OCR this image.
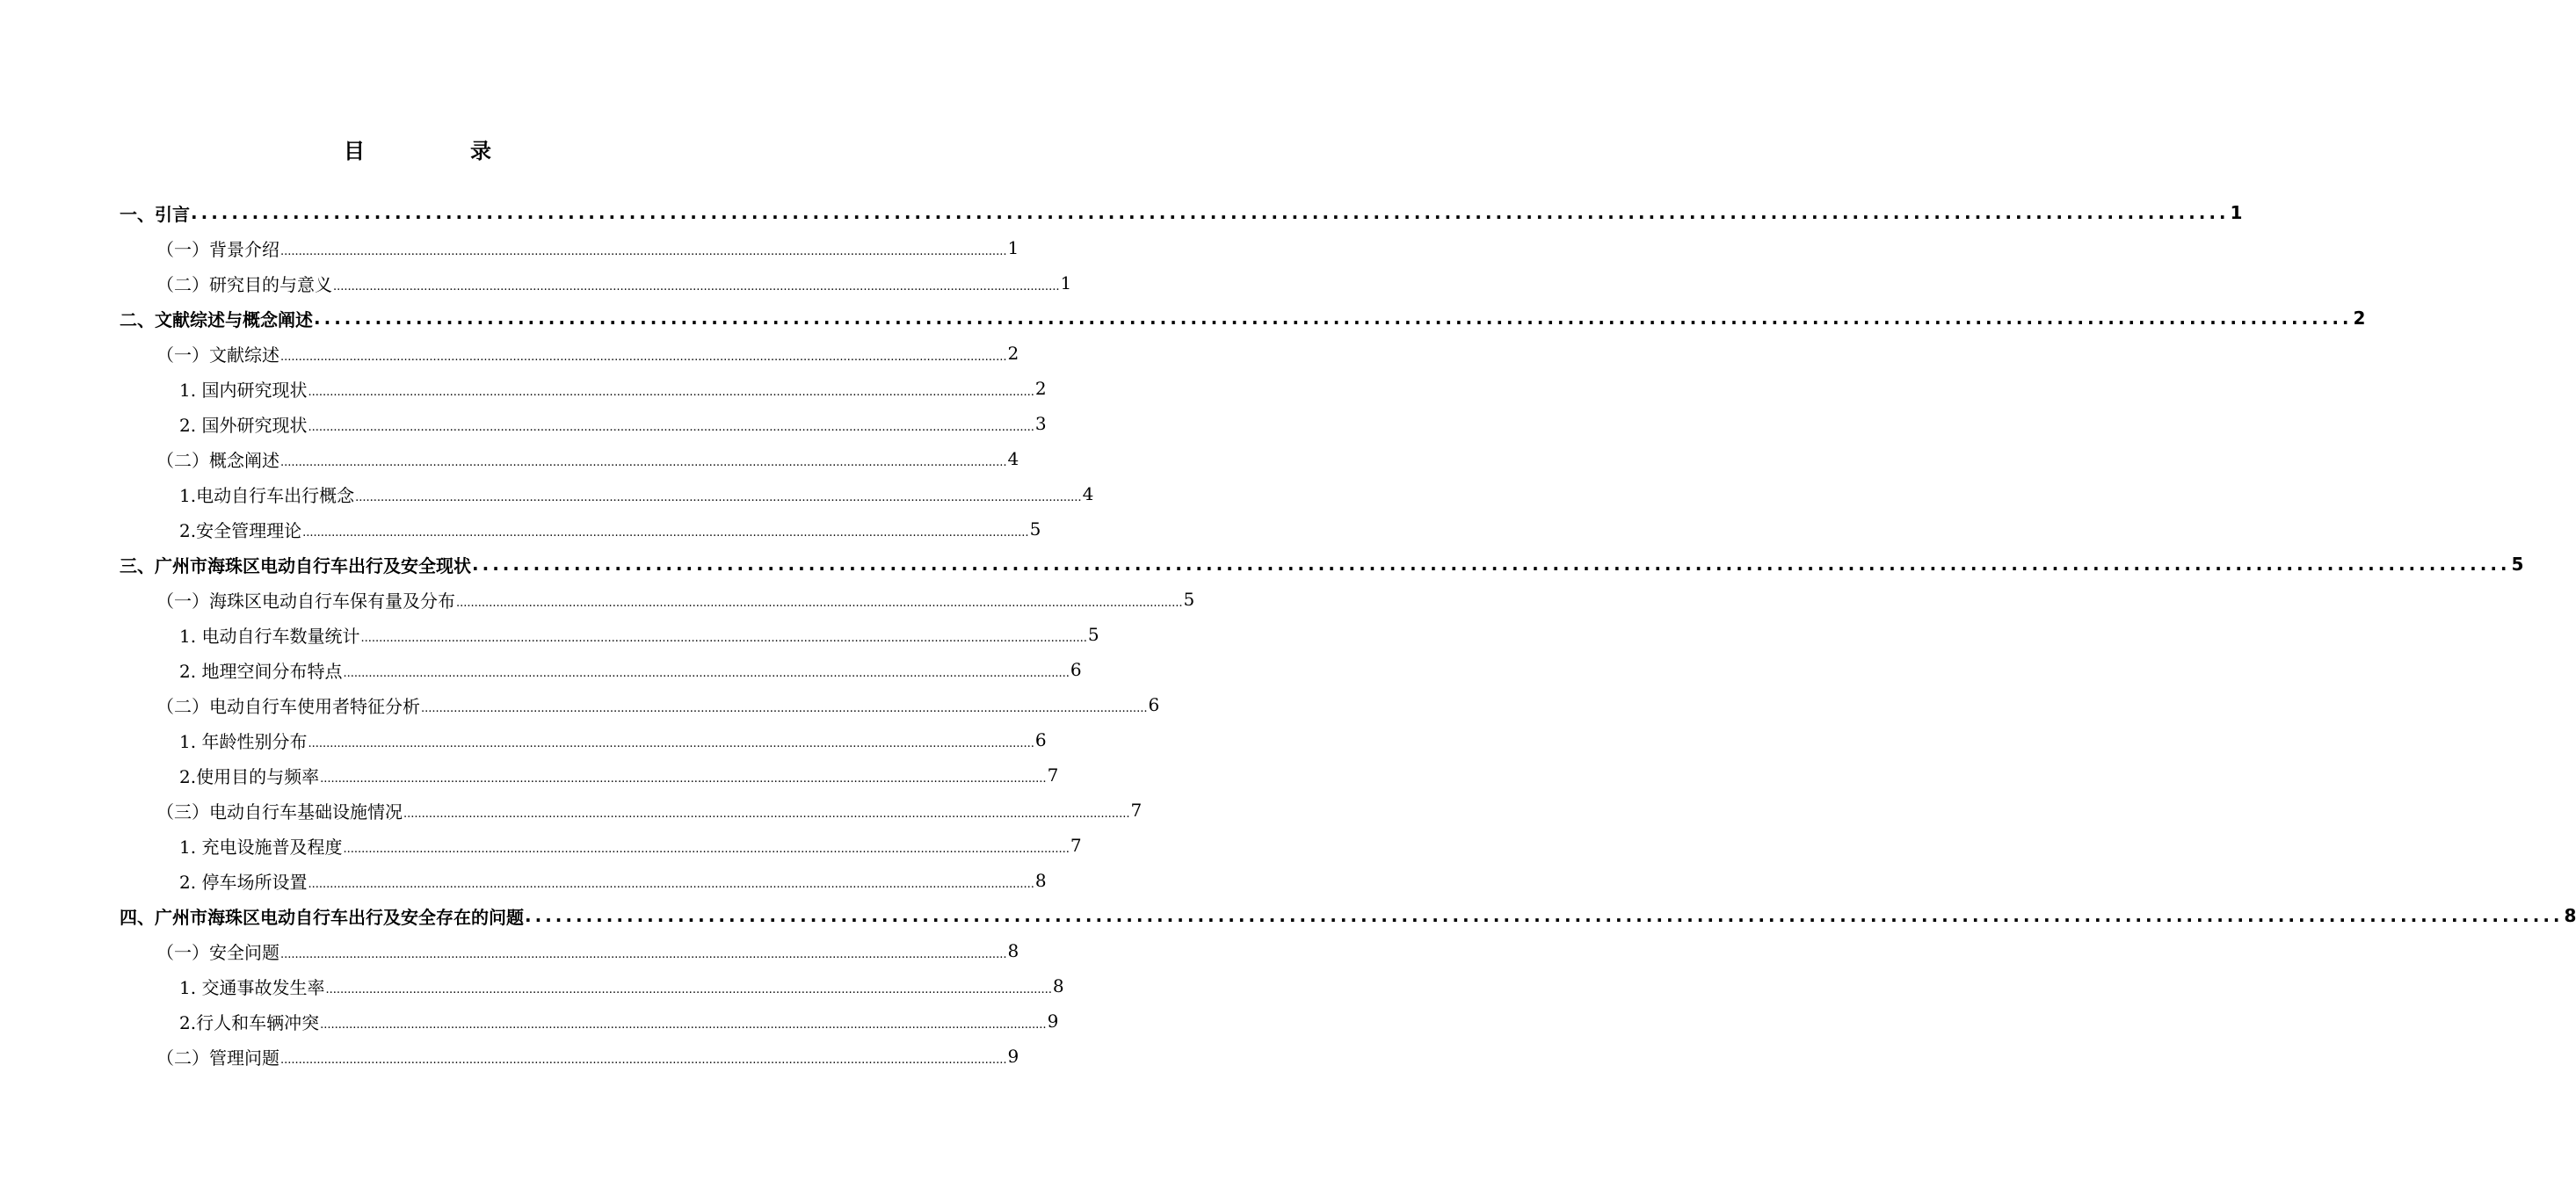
目　录
一、引言 ........................................................................................................................................................................................................ 1
（一）背景介绍 ........................................................................................................................................................................................................ 1
（二）研究目的与意义 ........................................................................................................................................................................................................ 1
二、文献综述与概念阐述 ........................................................................................................................................................................................................ 2
（一）文献综述 ........................................................................................................................................................................................................ 2
1. 国内研究现状 ........................................................................................................................................................................................................ 2
2. 国外研究现状 ........................................................................................................................................................................................................ 3
（二）概念阐述 ........................................................................................................................................................................................................ 4
1.电动自行车出行概念 ........................................................................................................................................................................................................ 4
2.安全管理理论 ........................................................................................................................................................................................................ 5
三、广州市海珠区电动自行车出行及安全现状 ........................................................................................................................................................................................................ 5
（一）海珠区电动自行车保有量及分布 ........................................................................................................................................................................................................ 5
1. 电动自行车数量统计 ........................................................................................................................................................................................................ 5
2. 地理空间分布特点 ........................................................................................................................................................................................................ 6
（二）电动自行车使用者特征分析 ........................................................................................................................................................................................................ 6
1. 年龄性别分布 ........................................................................................................................................................................................................ 6
2.使用目的与频率 ........................................................................................................................................................................................................ 7
（三）电动自行车基础设施情况 ........................................................................................................................................................................................................ 7
1. 充电设施普及程度 ........................................................................................................................................................................................................ 7
2. 停车场所设置 ........................................................................................................................................................................................................ 8
四、广州市海珠区电动自行车出行及安全存在的问题 ........................................................................................................................................................................................................ 8
（一）安全问题 ........................................................................................................................................................................................................ 8
1. 交通事故发生率 ........................................................................................................................................................................................................ 8
2.行人和车辆冲突 ........................................................................................................................................................................................................ 9
（二）管理问题 ........................................................................................................................................................................................................ 9
